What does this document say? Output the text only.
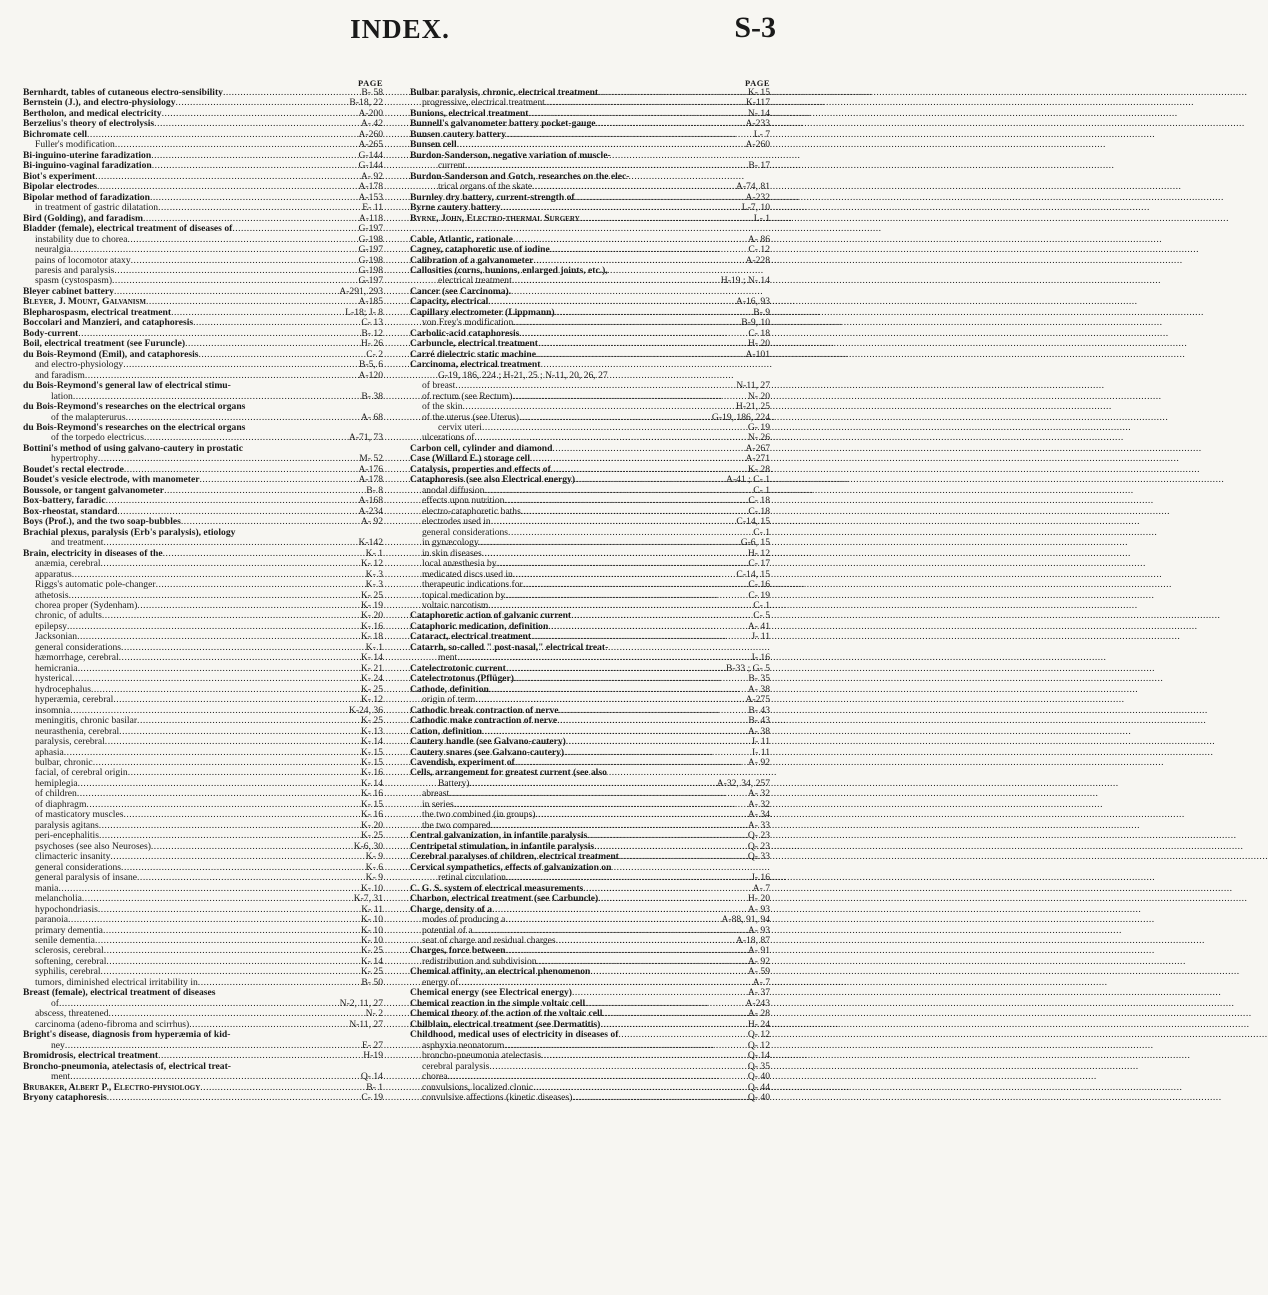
INDEX.	S-3
PAGE
Bernhardt, tables of cutaneous electro-sensibility .....	B- 58
Bernstein (J.), and electro-physiology .....	B-18, 22
Bertholon, and medical electricity .....	A-200
Berzelius's theory of electrolysis .....	A- 42
Bichromate cell .....	A-260
Fuller's modification .....	A-265
Bi-inguino-uterine faradization .....	G-144
Bi-inguino-vaginal faradization .....	G-144
Biot's experiment .....	A- 92
Bipolar electrodes .....	A-178
Bipolar method of faradization .....	A-153
in treatment of gastric dilatation .....	E- 11
Bird (Golding), and faradism .....	A-118
Bladder (female), electrical treatment of diseases of .....	G-197
instability due to chorea .....	G-198
neuralgia .....	G-197
pains of locomotor ataxy .....	G-198
paresis and paralysis .....	G-198
spasm (cystospasm) .....	G-197
Bleyer cabinet battery .....	A-291, 293
Bleyer, J. Mount, Galvanism .....	A-185
Blepharospasm, electrical treatment .....	L-18; J- 8
Boccolari and Manzieri, and cataphoresis .....	C- 13
Body-current .....	B- 12
Boil, electrical treatment (see Furuncle) .....	H- 26
du Bois-Reymond (Emil), and cataphoresis .....	C- 2
and electro-physiology .....	B-5, 6
and faradism .....	A-120
du Bois-Reymond's general law of electrical stimu-
lation .....	B- 38
du Bois-Reymond's researches on the electrical organs
of the malapterurus .....	A- 68
du Bois-Reymond's researches on the electrical organs
of the torpedo electricus .....	A-71, 73
Bottini's method of using galvano-cautery in prostatic
hypertrophy .....	M- 52
Boudet's rectal electrode .....	A-176
Boudet's vesicle electrode, with manometer .....	A-178
Boussole, or tangent galvanometer .....	B- 8
Box-battery, faradic .....	A-168
Box-rheostat, standard .....	A-234
Boys (Prof.), and the two soap-bubbles .....	A- 92
Brachial plexus, paralysis (Erb's paralysis), etiology
and treatment .....	K-142
Brain, electricity in diseases of the .....	K- 1
anæmia, cerebral .....	K- 12
apparatus .....	K- 3
Riggs's automatic pole-changer .....	K- 3
athetosis .....	K- 25
chorea proper (Sydenham) .....	K- 19
chronic, of adults .....	K- 20
epilepsy .....	K- 16
Jacksonian .....	K- 18
general considerations .....	K- 1
hæmorrhage, cerebral .....	K- 14
hemicrania .....	K- 21
hysterical .....	K- 24
hydrocephalus .....	K- 25
hyperæmia, cerebral .....	K- 12
insomnia .....	K-24, 36
meningitis, chronic basilar .....	K- 25
neurasthenia, cerebral .....	K- 13
paralysis, cerebral .....	K- 14
aphasia .....	K- 15
bulbar, chronic .....	K- 15
facial, of cerebral origin .....	K- 16
hemiplegia .....	K- 14
of children .....	K- 16
of diaphragm .....	K- 15
of masticatory muscles .....	K- 16
paralysis agitans .....	K- 20
peri-encephalitis .....	K- 25
psychoses (see also Neuroses) .....	K-6, 30
climacteric insanity .....	K- 9
general considerations .....	K- 6
general paralysis of insane .....	K- 9
mania .....	K- 10
melancholia .....	K-7, 31
hypochondriasis .....	K- 11
paranoia .....	K- 10
primary dementia .....	K- 10
senile dementia .....	K- 10
sclerosis, cerebral .....	K- 25
softening, cerebral .....	K- 14
syphilis, cerebral .....	K- 25
tumors, diminished electrical irritability in .....	B- 50
Breast (female), electrical treatment of diseases
of .....	N-2, 11, 27
abscess, threatened .....	N- 2
carcinoma (adeno-fibroma and scirrhus) .....	N-11, 27
Bright's disease, diagnosis from hyperæmia of kid-
ney .....	E- 27
Bromidrosis, electrical treatment .....	H-19
Broncho-pneumonia, atelectasis of, electrical treat-
ment .....	Q- 14
Brubaker, Albert P., Electro-physiology .....	B- 1
Bryony cataphoresis .....	C- 19
PAGE
Bulbar paralysis, chronic, electrical treatment .....	K- 15
progressive, electrical treatment .....	K-117
Bunions, electrical treatment .....	N- 14
Bunnell's galvanometer battery pocket-gauge .....	A-233
Bunsen cautery battery .....	L- 7
Bunsen cell .....	A-260
Burdon-Sanderson, negative variation of muscle-
current .....	B- 17
Burdon-Sanderson and Gotch, researches on the elec-
trical organs of the skate .....	A-74, 81
Burnley dry battery, current-strength of .....	A-232
Byrne cautery battery .....	L-7, 10
Byrne, John, Electro-thermal Surgery .....	L- 1
Cable, Atlantic, rationale .....	A- 86
Cagney, cataphoretic use of iodine .....	C- 12
Calibration of a galvanometer .....	A-228
Callosities (corns, bunions, enlarged joints, etc.),
electrical treatment .....	H-19 ; N- 14
Cancer (see Carcinoma).
Capacity, electrical .....	A-16, 93
Capillary electrometer (Lippmann) .....	B- 9
von Frey's modification .....	B-9, 10
Carbolic-acid cataphoresis .....	C- 18
Carbuncle, electrical treatment .....	H- 20
Carré dielectric static machine .....	A-101
Carcinoma, electrical treatment
G-19, 186, 224 ; H-21, 25 ; N-11, 20, 26, 27
of breast .....	N-11, 27
of rectum (see Rectum) .....	N- 20
of the skin .....	H-21, 25
of the uterus (see Uterus) .....	G-19, 186, 224
cervix uteri .....	G- 19
ulcerations of .....	N- 26
Carbon cell, cylinder and diamond .....	A-267
Case (Willard E.) storage cell .....	A-271
Catalysis, properties and effects of .....	K- 28
Cataphoresis (see also Electrical energy) .....	A-41 ; C- 1
anodal diffusion .....	C- 1
effects upon nutrition .....	C- 18
electro-cataphoretic baths .....	C- 18
electrodes used in .....	C-14, 15
general considerations .....	C- 1
in gynæcology .....	G-6, 15
in skin diseases .....	H- 12
local anæsthesia by .....	C- 17
medicated discs used in .....	C-14, 15
therapeutic indications for .....	C- 16
topical medication by .....	C- 19
voltaic narcotism .....	C- 1
Cataphoretic action of galvanic current .....	C- 5
Cataphoric medication, definition .....	A- 41
Cataract, electrical treatment .....	J- 11
Catarrh, so-called " post-nasal," electrical treat-
ment .....	I- 16
Catelectrotonic current .....	B-33 ; G- 5
Catelectrotonus (Pflüger) .....	B- 35
Cathode, definition .....	A- 38
origin of term .....	A-275
Cathodic break contraction of nerve .....	B- 43
Cathodic make contraction of nerve .....	B- 43
Cation, definition .....	A- 38
Cautery handle (see Galvano-cautery) .....	I- 11
Cautery snares (see Galvano-cautery) .....	I- 11
Cavendish, experiment of .....	A- 92
Cells, arrangement for greatest current (see also
Battery) .....	A-32, 34, 257
abreast .....	A- 32
in series .....	A- 32
the two combined (in groups) .....	A- 34
the two compared .....	A- 33
Central galvanization, in infantile paralysis .....	Q- 23
Centripetal stimulation, in infantile paralysis .....	Q- 23
Cerebral paralyses of children, electrical treatment .....	Q- 33
Cervical sympathetics, effects of galvanization on
retinal circulation .....	J- 16
C. G. S. system of electrical measurements .....	A- 7
Charbon, electrical treatment (see Carbuncle) .....	H- 20
Charge, density of a .....	A- 93
modes of producing a .....	A-88, 91, 94
potential of a .....	A- 93
seat of charge and residual charges .....	A-18, 87
Charges, force between .....	A- 91
redistribution and subdivision .....	A- 92
Chemical affinity, an electrical phenomenon .....	A- 59
energy of .....	A- 7
Chemical energy (see Electrical energy) .....	A- 37
Chemical reaction in the simple voltaic cell .....	A-243
Chemical theory of the action of the voltaic cell .....	A- 28
Chilblain, electrical treatment (see Dermatitis) .....	H- 24
Childhood, medical uses of electricity in diseases of .....	Q- 12
asphyxia neonatorum .....	Q- 12
broncho-pneumonia atelectasis .....	Q- 14
cerebral paralysis .....	Q- 35
chorea .....	Q- 40
convulsions, localized clonic .....	Q- 44
convulsive affections (kinetic diseases) .....	Q- 40
